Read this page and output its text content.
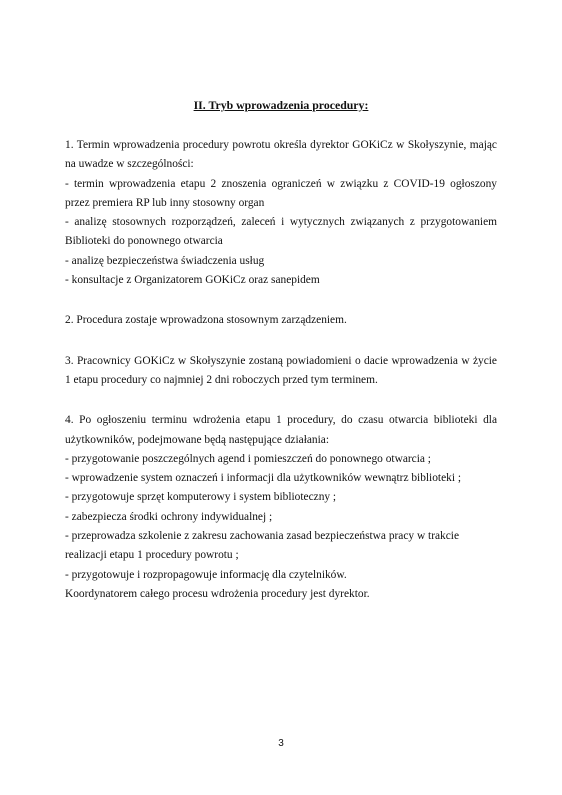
II. Tryb wprowadzenia procedury:
1. Termin wprowadzenia procedury powrotu określa dyrektor GOKiCz w Skołyszynie, mając
na uwadze w szczególności:
- termin wprowadzenia etapu 2 znoszenia ograniczeń w związku z COVID-19 ogłoszony
przez premiera RP lub inny stosowny organ
- analizę stosownych rozporządzeń, zaleceń i wytycznych związanych z przygotowaniem
Biblioteki do ponownego otwarcia
- analizę bezpieczeństwa świadczenia usług
- konsultacje z Organizatorem GOKiCz oraz sanepidem
2. Procedura zostaje wprowadzona stosownym zarządzeniem.
3. Pracownicy GOKiCz w Skołyszynie zostaną powiadomieni o dacie wprowadzenia w życie
1 etapu procedury co najmniej 2 dni roboczych przed tym terminem.
4. Po ogłoszeniu terminu wdrożenia etapu 1 procedury, do czasu otwarcia biblioteki dla
użytkowników, podejmowane będą następujące działania:
- przygotowanie poszczególnych agend i pomieszczeń do ponownego otwarcia ;
- wprowadzenie system oznaczeń i informacji dla użytkowników wewnątrz biblioteki ;
- przygotowuje sprzęt komputerowy i system biblioteczny ;
- zabezpiecza środki ochrony indywidualnej ;
- przeprowadza szkolenie z zakresu zachowania zasad bezpieczeństwa pracy w trakcie
realizacji etapu 1 procedury powrotu ;
- przygotowuje i rozpropagowuje informację dla czytelników.
Koordynatorem całego procesu wdrożenia procedury jest dyrektor.
3
